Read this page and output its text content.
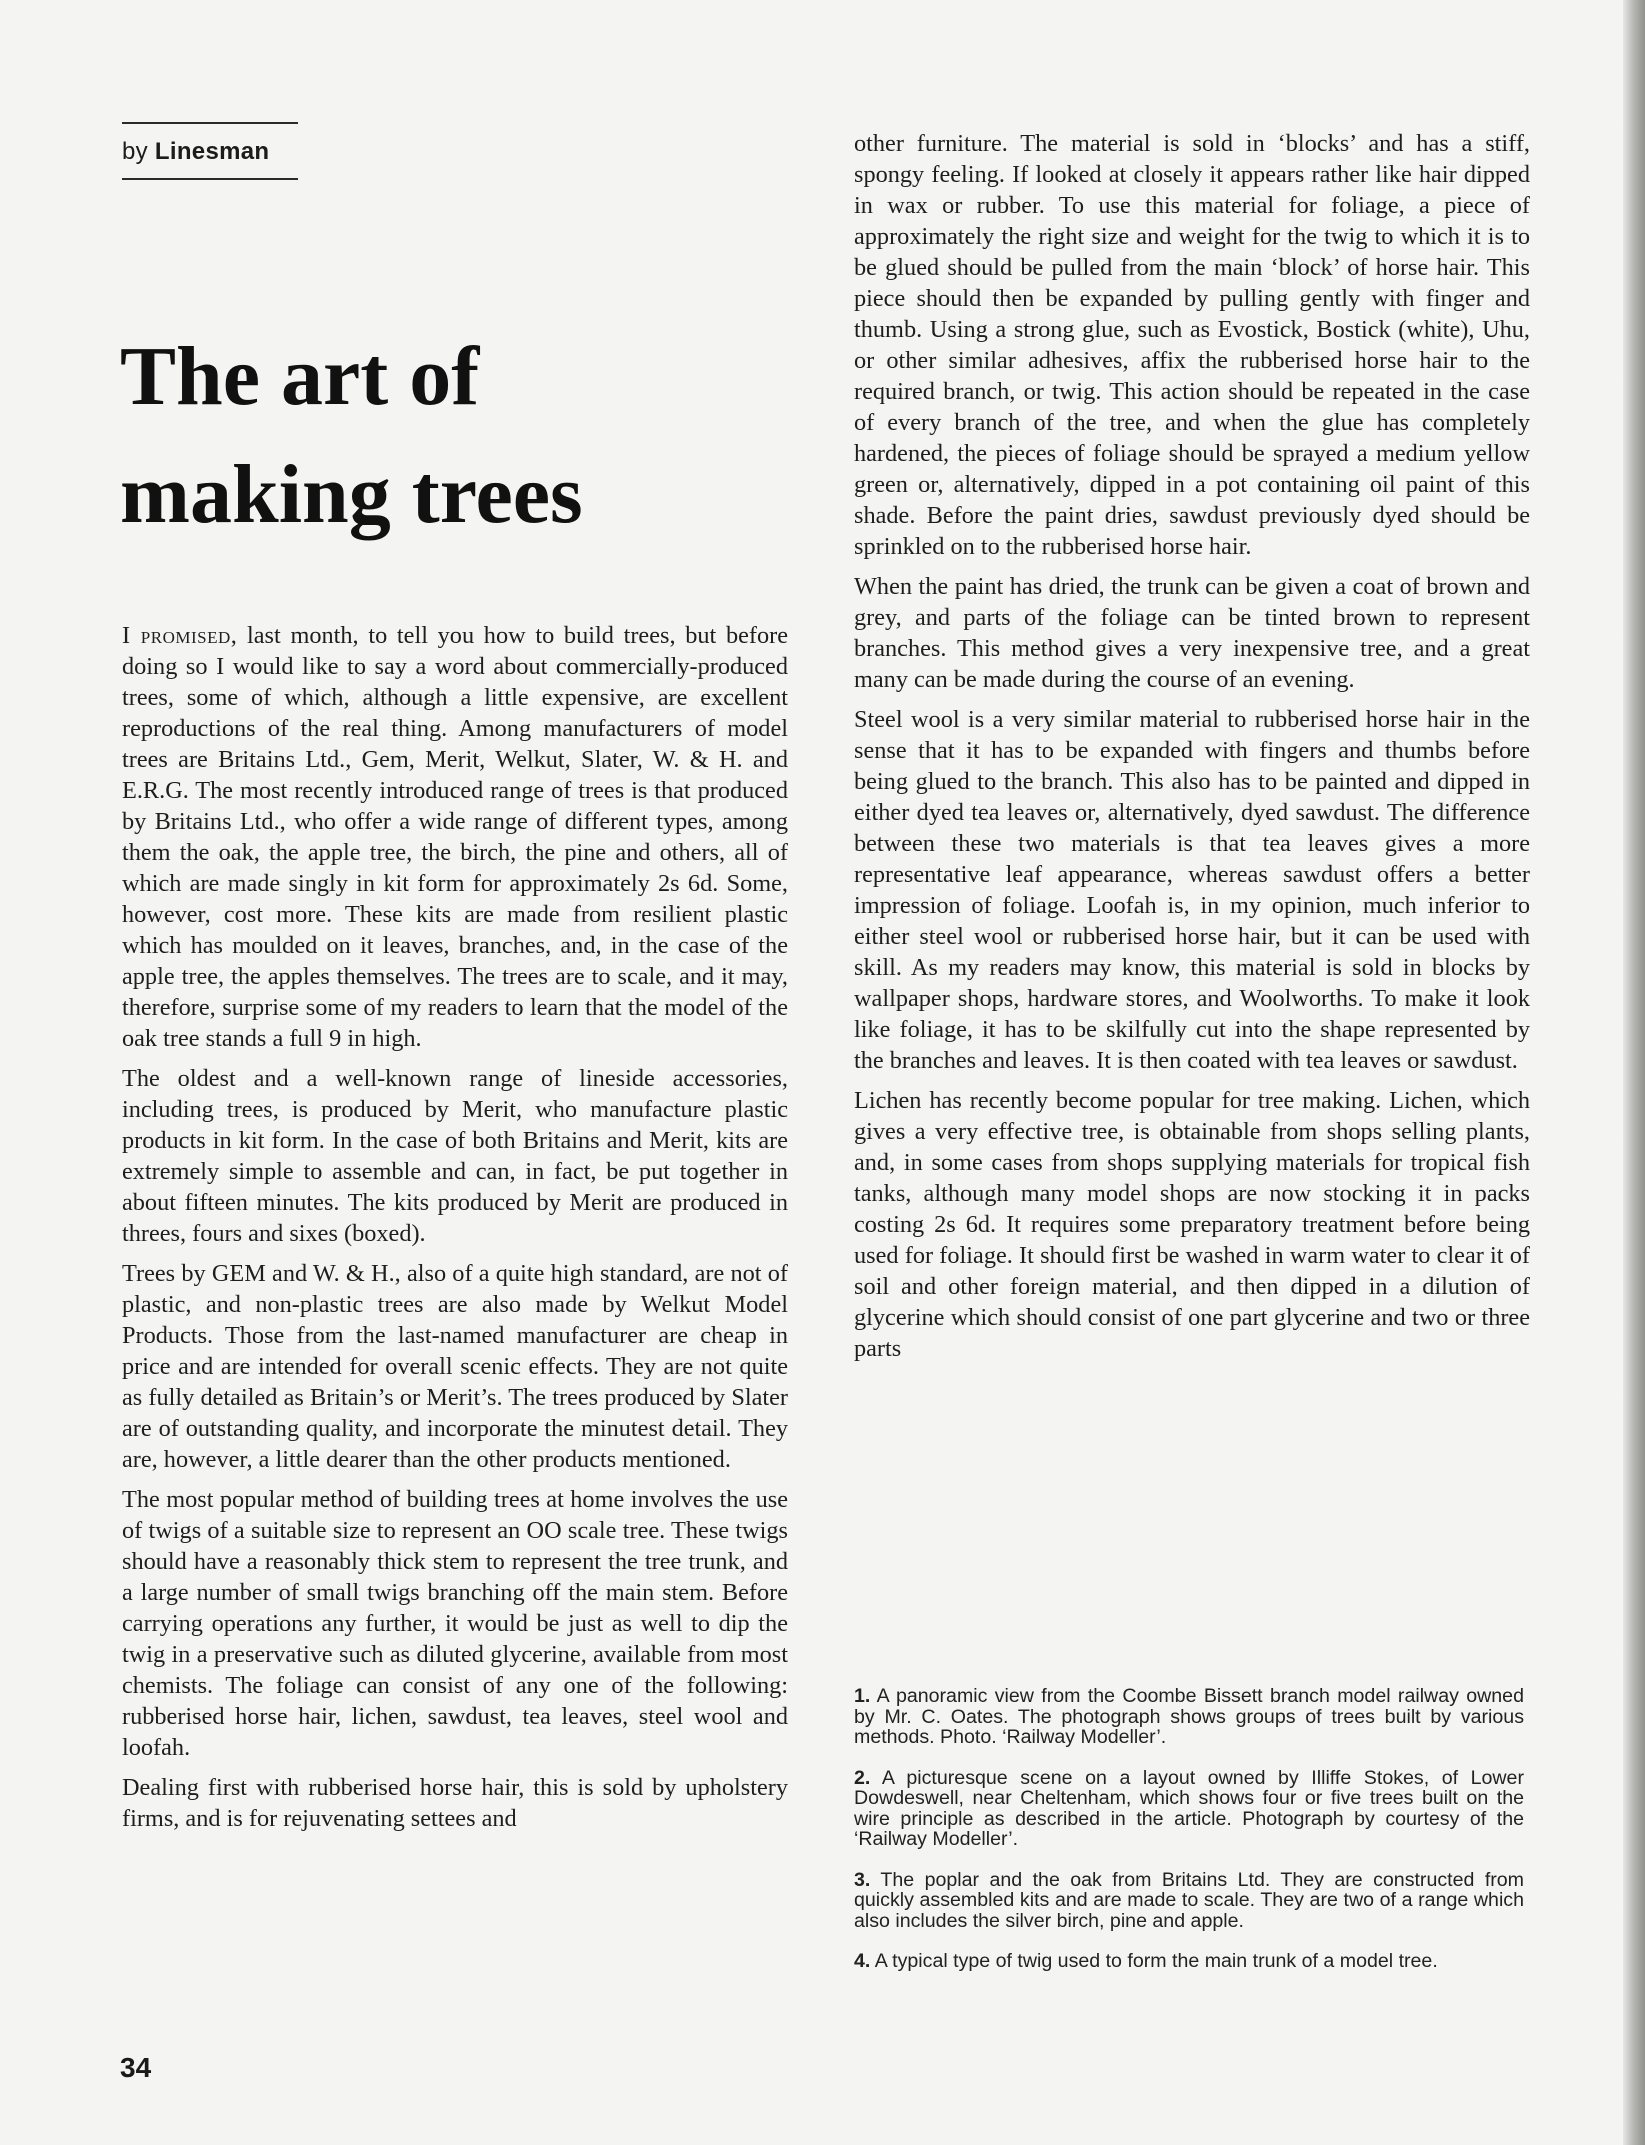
by Linesman
The art of
making trees

I promised, last month, to tell you how to build trees, but before doing so I would like to say a word about commercially-produced trees, some of which, although a little expensive, are excellent reproductions of the real thing. Among manufacturers of model trees are Britains Ltd., Gem, Merit, Welkut, Slater, W. & H. and E.R.G. The most recently introduced range of trees is that produced by Britains Ltd., who offer a wide range of different types, among them the oak, the apple tree, the birch, the pine and others, all of which are made singly in kit form for approximately 2s 6d. Some, however, cost more. These kits are made from resilient plastic which has moulded on it leaves, branches, and, in the case of the apple tree, the apples themselves. The trees are to scale, and it may, therefore, surprise some of my readers to learn that the model of the oak tree stands a full 9 in high.

The oldest and a well-known range of lineside accessories, including trees, is produced by Merit, who manufacture plastic products in kit form. In the case of both Britains and Merit, kits are extremely simple to assemble and can, in fact, be put together in about fifteen minutes. The kits produced by Merit are produced in threes, fours and sixes (boxed).

Trees by GEM and W. & H., also of a quite high standard, are not of plastic, and non-plastic trees are also made by Welkut Model Products. Those from the last-named manufacturer are cheap in price and are intended for overall scenic effects. They are not quite as fully detailed as Britain’s or Merit’s. The trees produced by Slater are of outstanding quality, and incorporate the minutest detail. They are, however, a little dearer than the other products mentioned.

The most popular method of building trees at home involves the use of twigs of a suitable size to represent an OO scale tree. These twigs should have a reasonably thick stem to represent the tree trunk, and a large number of small twigs branching off the main stem. Before carrying operations any further, it would be just as well to dip the twig in a preservative such as diluted glycerine, available from most chemists. The foliage can consist of any one of the following: rubberised horse hair, lichen, sawdust, tea leaves, steel wool and loofah.

Dealing first with rubberised horse hair, this is sold by upholstery firms, and is for rejuvenating settees and

other furniture. The material is sold in ‘blocks’ and has a stiff, spongy feeling. If looked at closely it appears rather like hair dipped in wax or rubber. To use this material for foliage, a piece of approximately the right size and weight for the twig to which it is to be glued should be pulled from the main ‘block’ of horse hair. This piece should then be expanded by pulling gently with finger and thumb. Using a strong glue, such as Evostick, Bostick (white), Uhu, or other similar adhesives, affix the rubberised horse hair to the required branch, or twig. This action should be repeated in the case of every branch of the tree, and when the glue has completely hardened, the pieces of foliage should be sprayed a medium yellow green or, alternatively, dipped in a pot containing oil paint of this shade. Before the paint dries, sawdust previously dyed should be sprinkled on to the rubberised horse hair.

When the paint has dried, the trunk can be given a coat of brown and grey, and parts of the foliage can be tinted brown to represent branches. This method gives a very inexpensive tree, and a great many can be made during the course of an evening.

Steel wool is a very similar material to rubberised horse hair in the sense that it has to be expanded with fingers and thumbs before being glued to the branch. This also has to be painted and dipped in either dyed tea leaves or, alternatively, dyed sawdust. The difference between these two materials is that tea leaves gives a more representative leaf appearance, whereas sawdust offers a better impression of foliage. Loofah is, in my opinion, much inferior to either steel wool or rubberised horse hair, but it can be used with skill. As my readers may know, this material is sold in blocks by wallpaper shops, hardware stores, and Woolworths. To make it look like foliage, it has to be skilfully cut into the shape represented by the branches and leaves. It is then coated with tea leaves or sawdust.

Lichen has recently become popular for tree making. Lichen, which gives a very effective tree, is obtainable from shops selling plants, and, in some cases from shops supplying materials for tropical fish tanks, although many model shops are now stocking it in packs costing 2s 6d. It requires some preparatory treatment before being used for foliage. It should first be washed in warm water to clear it of soil and other foreign material, and then dipped in a dilution of glycerine which should consist of one part glycerine and two or three parts

1. A panoramic view from the Coombe Bissett branch model railway owned by Mr. C. Oates. The photograph shows groups of trees built by various methods. Photo. ‘Railway Modeller’.
2. A picturesque scene on a layout owned by Illiffe Stokes, of Lower Dowdeswell, near Cheltenham, which shows four or five trees built on the wire principle as described in the article. Photograph by courtesy of the ‘Railway Modeller’.
3. The poplar and the oak from Britains Ltd. They are constructed from quickly assembled kits and are made to scale. They are two of a range which also includes the silver birch, pine and apple.
4. A typical type of twig used to form the main trunk of a model tree.
34
